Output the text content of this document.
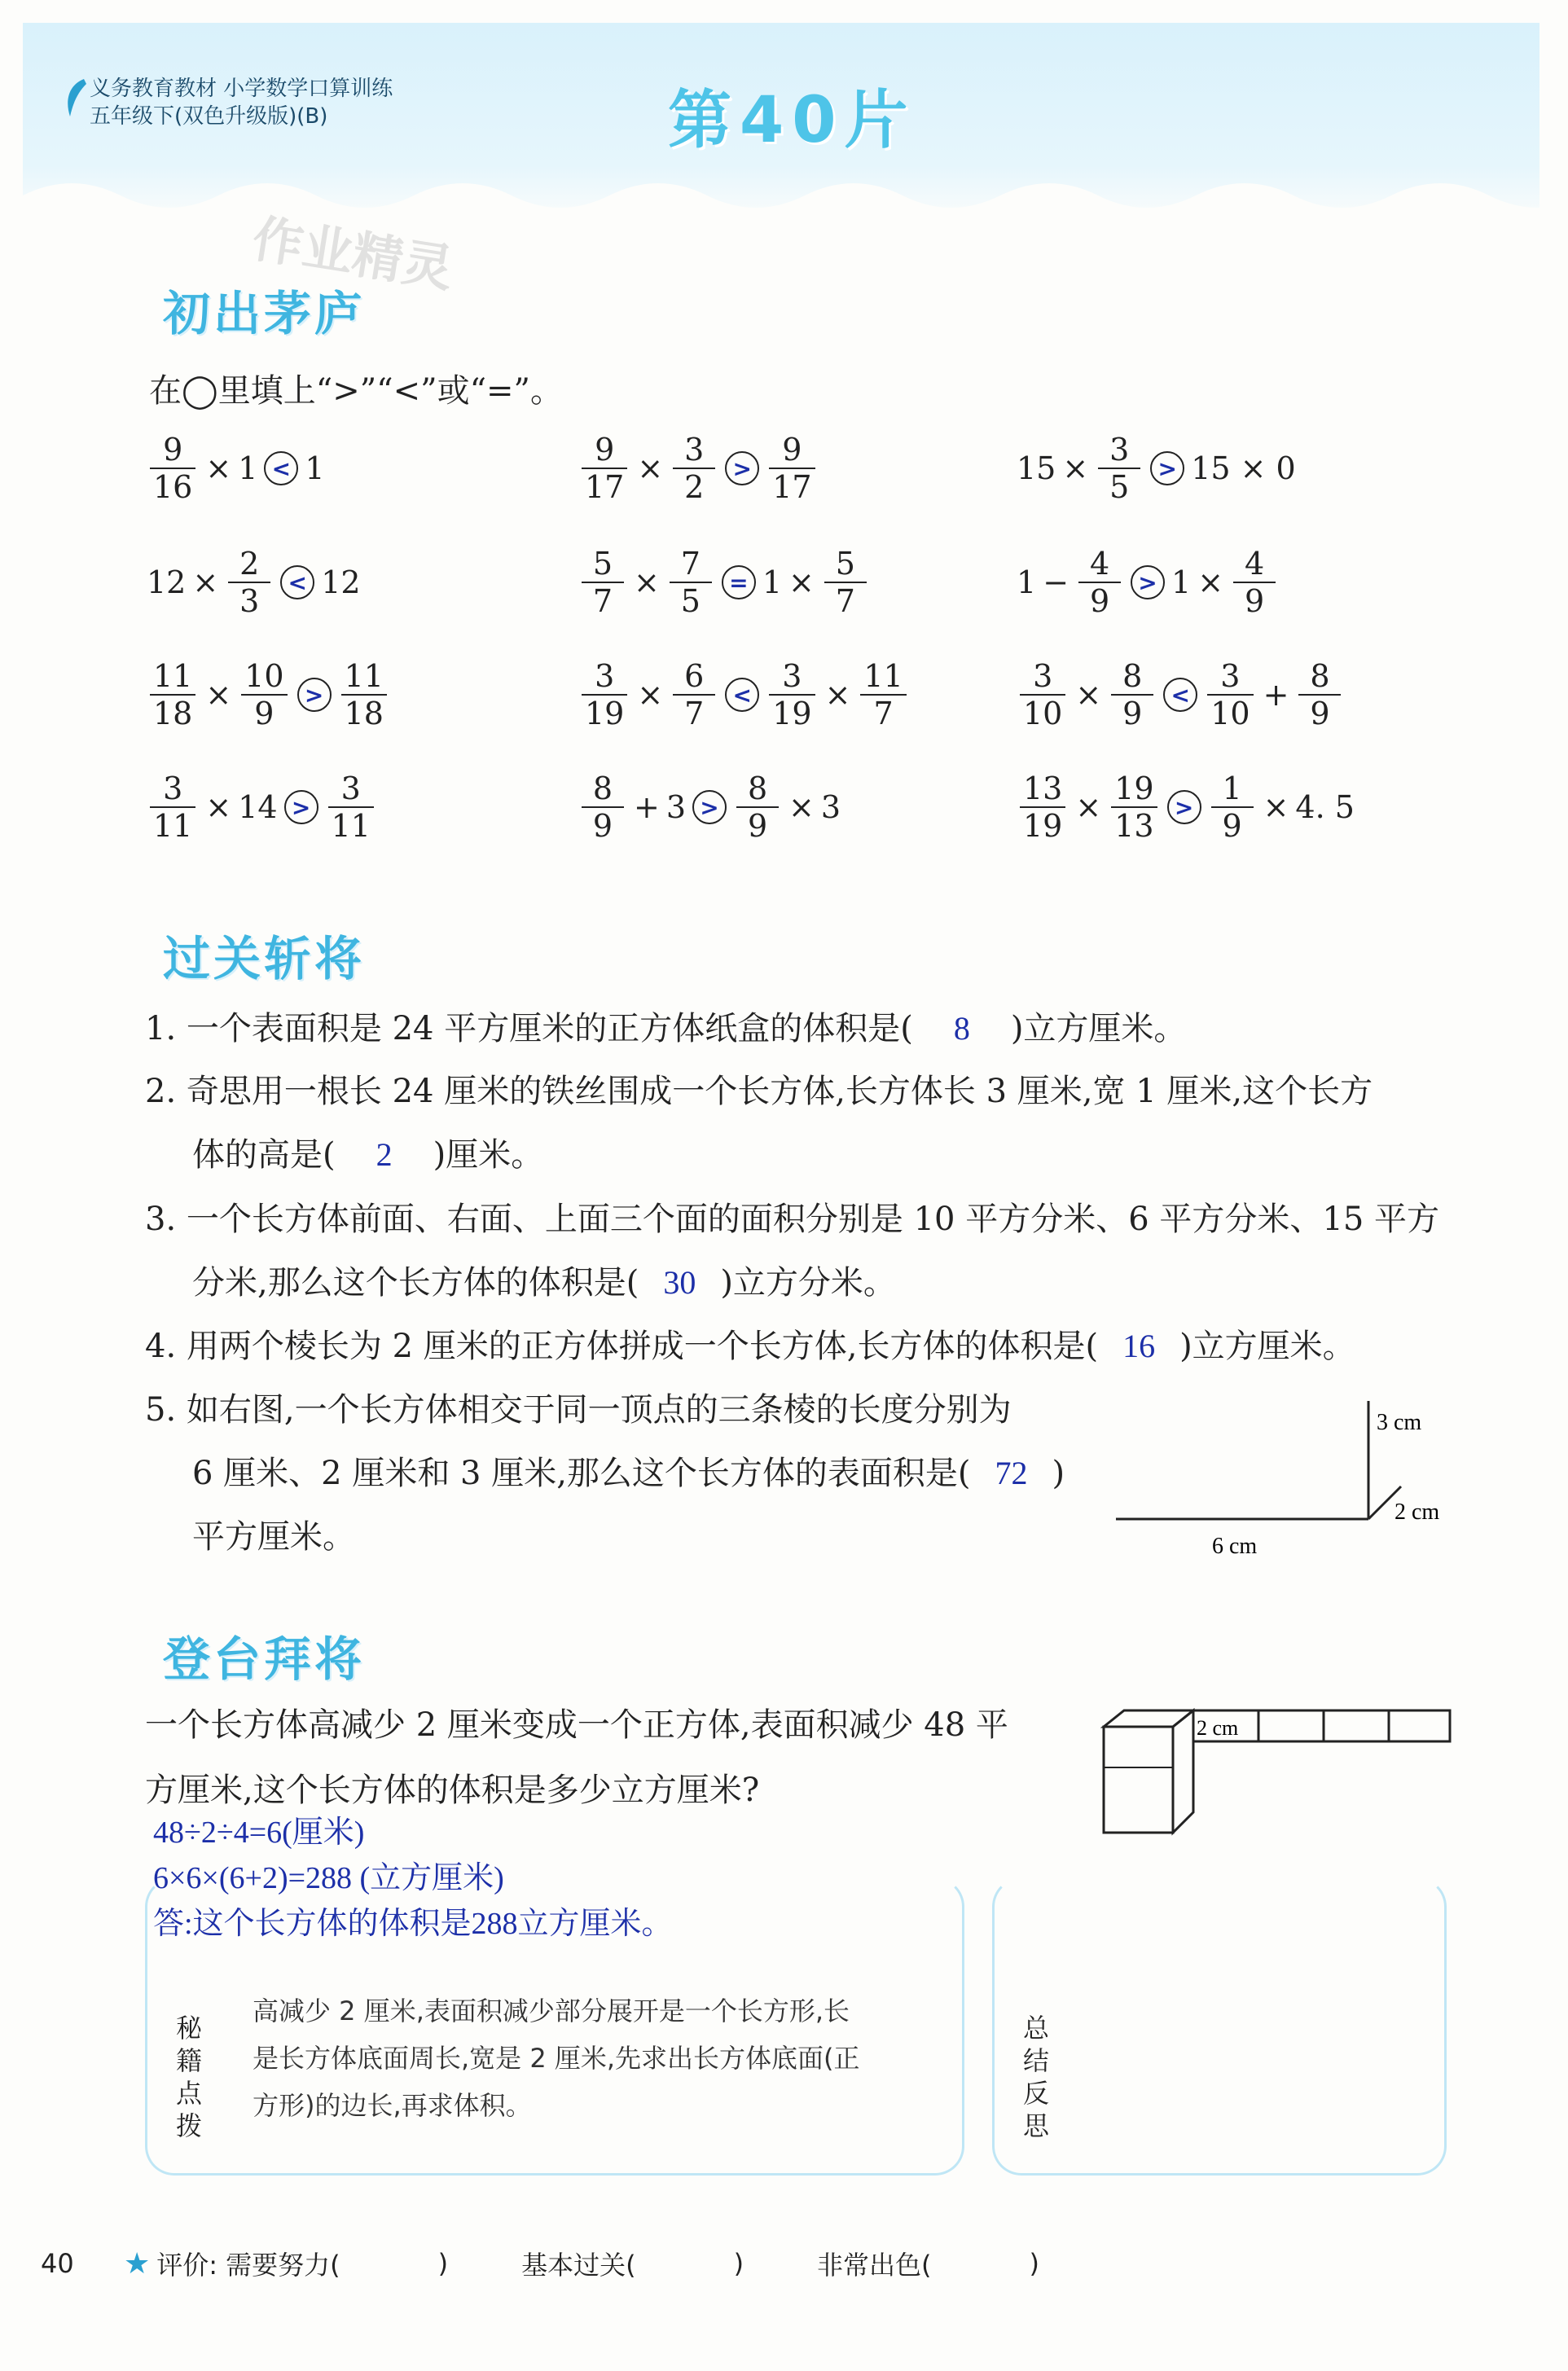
义务教育教材 小学数学口算训练
五年级下(双色升级版)(B)	第40片
作业精灵
初出茅庐
在◯里填上“>”“<”或“=”。
$\frac{9}{16} \times 1 < 1$	$\frac{9}{17} \times \frac{3}{2} > \frac{9}{17}$	$15 \times \frac{3}{5} > 15 \times 0$
$12 \times \frac{2}{3} < 12$	$\frac{5}{7} \times \frac{7}{5} = 1 \times \frac{5}{7}$	$1 - \frac{4}{9} > 1 \times \frac{4}{9}$
$\frac{11}{18} \times \frac{10}{9} > \frac{11}{18}$	$\frac{3}{19} \times \frac{6}{7} < \frac{3}{19} \times \frac{11}{7}$	$\frac{3}{10} \times \frac{8}{9} < \frac{3}{10} + \frac{8}{9}$
$\frac{3}{11} \times 14 > \frac{3}{11}$	$\frac{8}{9} + 3 > \frac{8}{9} \times 3$	$\frac{13}{19} \times \frac{19}{13} > \frac{1}{9} \times 4$. 5
过关斩将
1. 一个表面积是 24 平方厘米的正方体纸盒的体积是( 8 )立方厘米。
2. 奇思用一根长 24 厘米的铁丝围成一个长方体,长方体长 3 厘米,宽 1 厘米,这个长方
体的高是( 2 )厘米。
3. 一个长方体前面、右面、上面三个面的面积分别是 10 平方分米、6 平方分米、15 平方
分米,那么这个长方体的体积是( 30 )立方分米。
4. 用两个棱长为 2 厘米的正方体拼成一个长方体,长方体的体积是( 16 )立方厘米。
5. 如右图,一个长方体相交于同一顶点的三条棱的长度分别为
6 厘米、2 厘米和 3 厘米,那么这个长方体的表面积是( 72 )
平方厘米。
3 cm
2 cm
6 cm
登台拜将
一个长方体高减少 2 厘米变成一个正方体,表面积减少 48 平
方厘米,这个长方体的体积是多少立方厘米?
2 cm
48÷2÷4=6(厘米)
6×6×(6+2)=288 (立方厘米)
答:这个长方体的体积是288立方厘米。
秘籍点拨
高减少 2 厘米,表面积减少部分展开是一个长方形,长
是长方体底面周长,宽是 2 厘米,先求出长方体底面(正
方形)的边长,再求体积。
总结反思
40 ★ 评价: 需要努力(	)	基本过关(	)	非常出色(	)
